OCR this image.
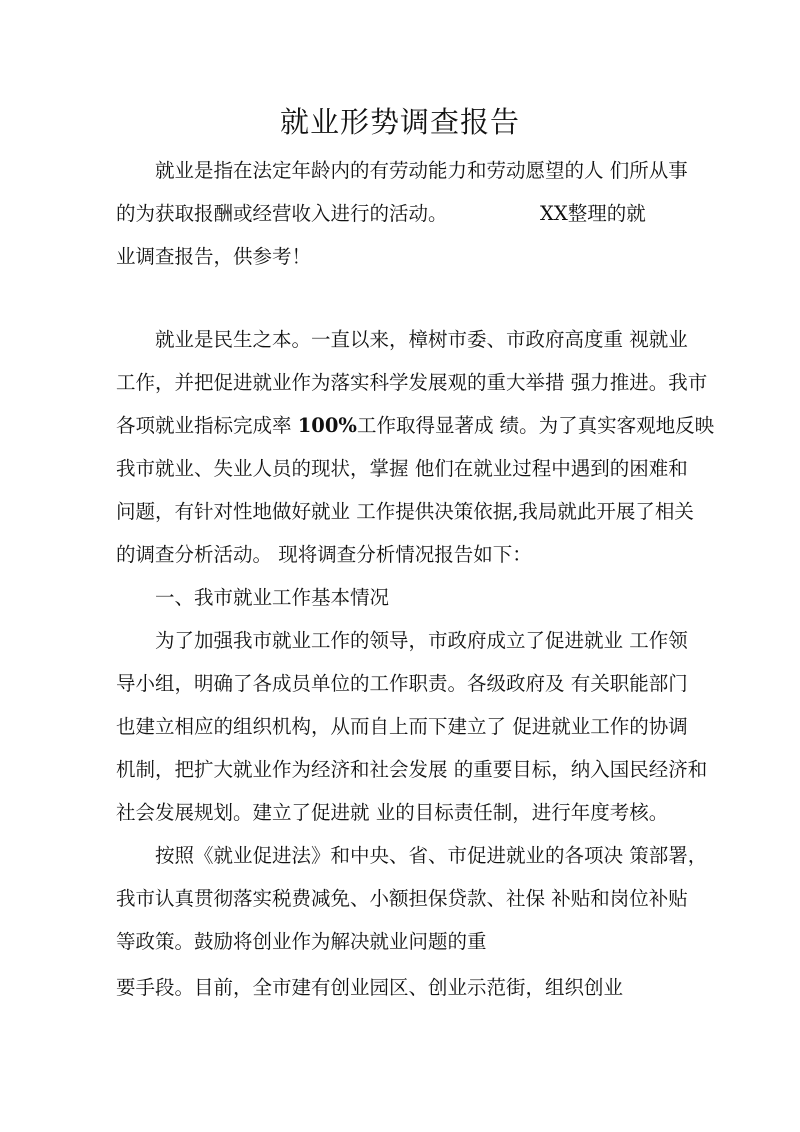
就业形势调查报告
就业是指在法定年龄内的有劳动能力和劳动愿望的人 们所从事
的为获取报酬或经营收入进行的活动。	XX整理的就
业调查报告，供参考！
就业是民生之本。一直以来，樟树市委、市政府高度重 视就业
工作，并把促进就业作为落实科学发展观的重大举措 强力推进。我市
各项就业指标完成率 100%工作取得显著成 绩。为了真实客观地反映
我市就业、失业人员的现状，掌握 他们在就业过程中遇到的困难和
问题，有针对性地做好就业 工作提供决策依据,我局就此开展了相关
的调查分析活动。 现将调查分析情况报告如下：
一、我市就业工作基本情况
为了加强我市就业工作的领导，市政府成立了促进就业 工作领
导小组，明确了各成员单位的工作职责。各级政府及 有关职能部门
也建立相应的组织机构，从而自上而下建立了 促进就业工作的协调
机制，把扩大就业作为经济和社会发展 的重要目标，纳入国民经济和
社会发展规划。建立了促进就 业的目标责任制，进行年度考核。
按照《就业促进法》和中央、省、市促进就业的各项决 策部署，
我市认真贯彻落实税费减免、小额担保贷款、社保 补贴和岗位补贴
等政策。鼓励将创业作为解决就业问题的重
要手段。目前，全市建有创业园区、创业示范街，组织创业
